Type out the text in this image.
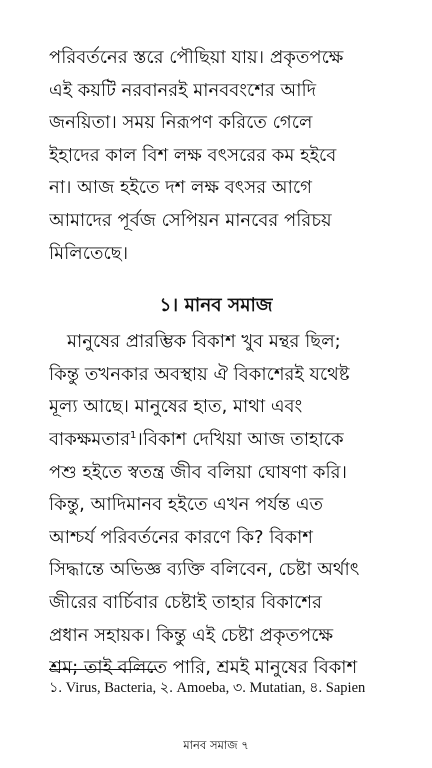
পরিবর্তনের স্তরে পৌছিয়া যায়। প্রকৃতপক্ষে
এই কয়টি নরবানরই মানববংশের আদি
জনয়িতা। সময় নিরূপণ করিতে গেলে
ইহাদের কাল বিশ লক্ষ বৎসরের কম হইবে
না। আজ হইতে দশ লক্ষ বৎসর আগে
আমাদের পূর্বজ সেপিয়ন মানবের পরিচয়
মিলিতেছে।

১। মানব সমাজ

মানুষের প্রারম্ভিক বিকাশ খুব মন্থর ছিল;
কিন্তু তখনকার অবস্থায় ঐ বিকাশেরই যথেষ্ট
মূল্য আছে। মানুষের হাত, মাথা এবং
বাকক্ষমতার$^1$।বিকাশ দেখিয়া আজ তাহাকে
পশু হইতে স্বতন্ত্র জীব বলিয়া ঘোষণা করি।
কিন্তু, আদিমানব হইতে এখন পর্যন্ত এত
আশ্চর্য পরিবর্তনের কারণে কি? বিকাশ
সিদ্ধান্তে অভিজ্ঞ ব্যক্তি বলিবেন, চেষ্টা অর্থাৎ
জীরের বার্চিবার চেষ্টাই তাহার বিকাশের
প্রধান সহায়ক। কিন্তু এই চেষ্টা প্রকৃতপক্ষে
শ্রম; তাই বলিতে পারি, শ্রমই মানুষের বিকাশ

১. Virus, Bacteria, ২. Amoeba, ৩. Mutatian, ৪. Sapien
মানব সমাজ ৭
